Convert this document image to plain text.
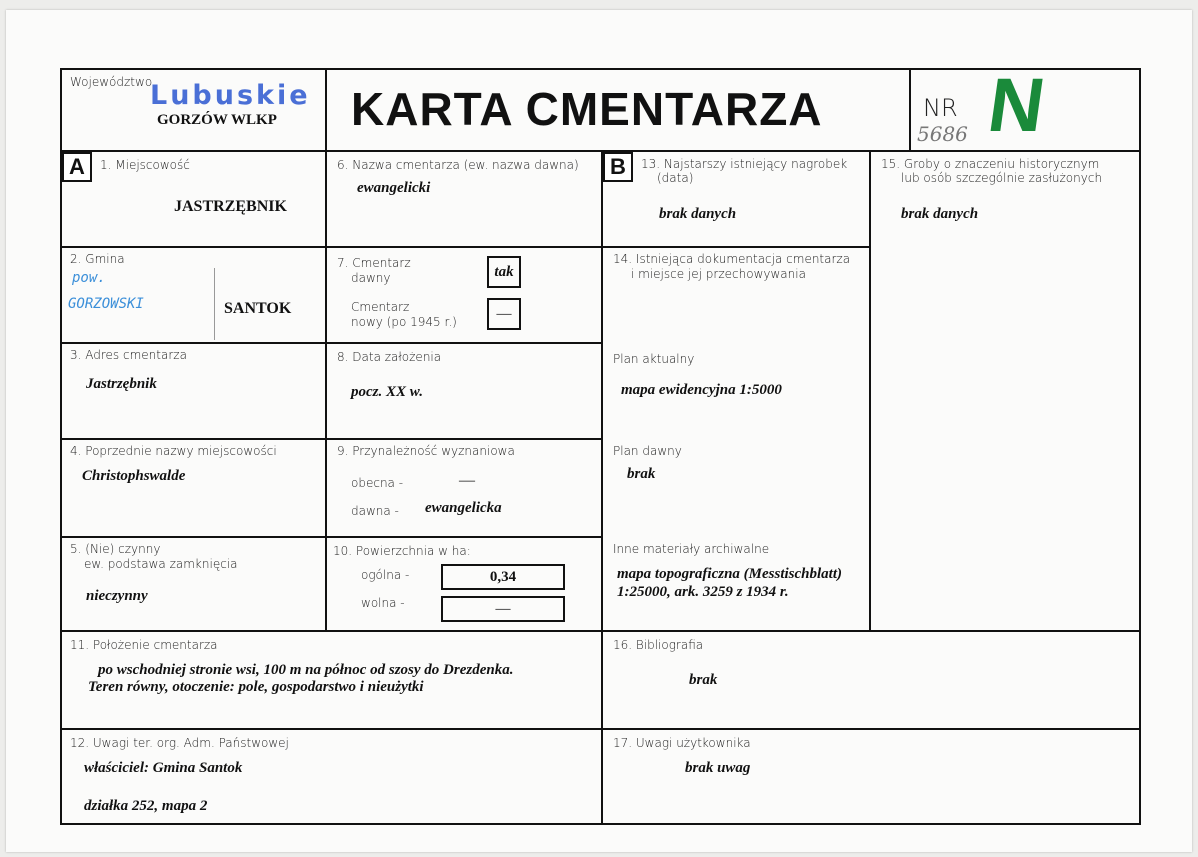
Województwo
Lubuskie
GORZÓW WLKP KARTA CMENTARZA	NR
5686 N
A	1. Miejscowość
JASTRZĘBNIK
2. Gmina
pow.
GORZOWSKI	SANTOK
3. Adres cmentarza
Jastrzębnik
4. Poprzednie nazwy miejscowości
Christophswalde
5. (Nie) czynny
ew. podstawa zamknięcia
nieczynny
6. Nazwa cmentarza (ew. nazwa dawna)
ewangelicki
7. Cmentarz
dawny	tak
Cmentarz
nowy (po 1945 r.)
—
8. Data założenia
pocz. XX w.
9. Przynależność wyznaniowa
obecna -	—
dawna - ewangelicka
10. Powierzchnia w ha:
ogólna -	0,34
wolna -	—
B	13. Najstarszy istniejący nagrobek
(data)
brak danych
14. Istniejąca dokumentacja cmentarza
i miejsce jej przechowywania
Plan aktualny
mapa ewidencyjna 1:5000
Plan dawny
brak
Inne materiały archiwalne
mapa topograficzna (Messtischblatt)
1:25000, ark. 3259 z 1934 r.
15. Groby o znaczeniu historycznym
lub osób szczególnie zasłużonych
brak danych
11. Położenie cmentarza
po wschodniej stronie wsi, 100 m na północ od szosy do Drezdenka.
Teren równy, otoczenie: pole, gospodarstwo i nieużytki
16. Bibliografia
brak
12. Uwagi ter. org. Adm. Państwowej
właściciel: Gmina Santok
działka 252, mapa 2
17. Uwagi użytkownika
brak uwag
